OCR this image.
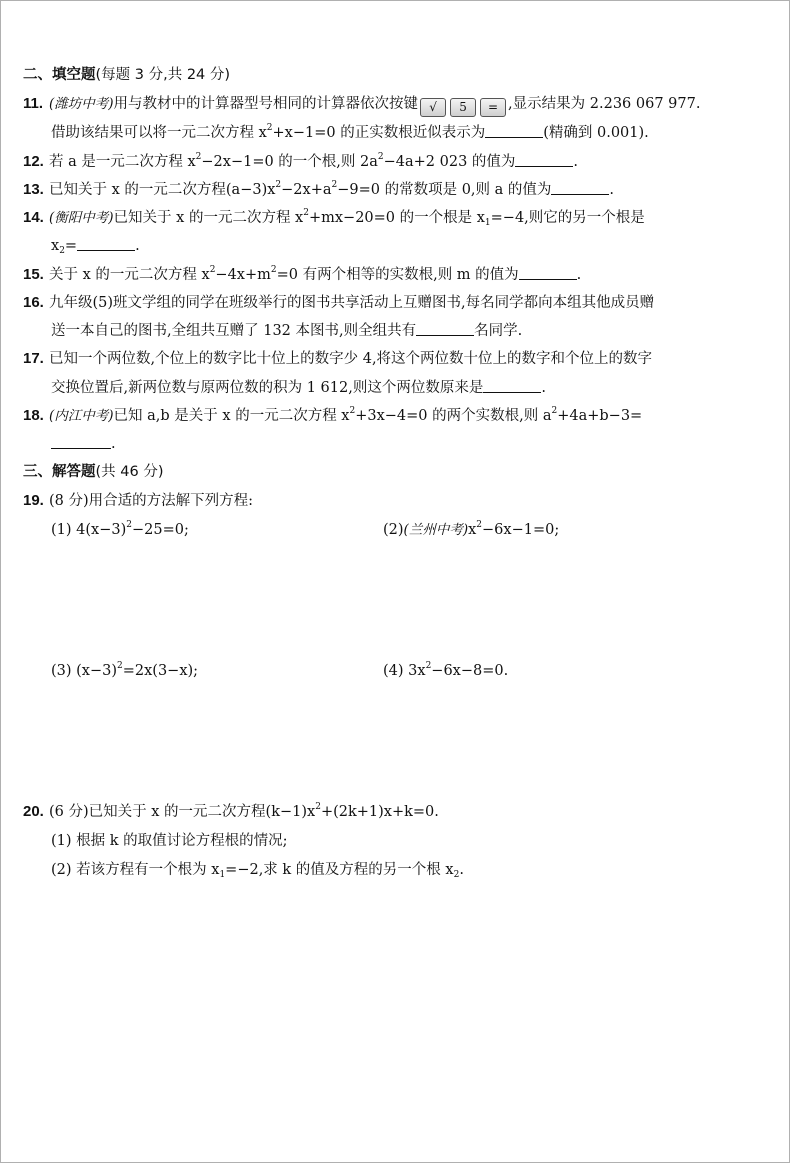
二、填空题(每题 3 分,共 24 分)
11. (潍坊中考)用与教材中的计算器型号相同的计算器依次按键 √ 5 = ,显示结果为 2.236 067 977.
借助该结果可以将一元二次方程 $x^2+x-1=0$ 的正实数根近似表示为	(精确到 0.001).
12. 若 a 是一元二次方程 $x^2-2x-1=0$ 的一个根,则 $2a^2-4a+2$ 023 的值为	.
13. 已知关于 x 的一元二次方程$(a-3)x^2-2x+a^2-9=0$ 的常数项是 0,则 a 的值为	.
14. (衡阳中考)已知关于 x 的一元二次方程 $x^2+mx-20=0$ 的一个根是 $x_1=-4$,则它的另一个根是
$x_2=$	.
15. 关于 x 的一元二次方程 $x^2-4x+m^2=0$ 有两个相等的实数根,则 m 的值为	.
16. 九年级(5)班文学组的同学在班级举行的图书共享活动上互赠图书,每名同学都向本组其他成员赠
送一本自己的图书,全组共互赠了 132 本图书,则全组共有	名同学.
17. 已知一个两位数,个位上的数字比十位上的数字少 4,将这个两位数十位上的数字和个位上的数字
交换位置后,新两位数与原两位数的积为 1 612,则这个两位数原来是	.
18. (内江中考)已知 a,b 是关于 x 的一元二次方程 $x^2+3x-4=0$ 的两个实数根,则 $a^2+4a+b-3=$
.
三、解答题(共 46 分)
19. (8 分)用合适的方法解下列方程:
(1) $4(x-3)^2-25=0$;	(2)(兰州中考)$x^2-6x-1=0$;
(3) $(x-3)^2=2x(3-x)$;	(4) $3x^2-6x-8=0$.
20. (6 分)已知关于 x 的一元二次方程$(k-1)x^2+(2k+1)x+k=0$.
(1) 根据 k 的取值讨论方程根的情况;
(2) 若该方程有一个根为 $x_1=-2$,求 k 的值及方程的另一个根 $x_2$.
